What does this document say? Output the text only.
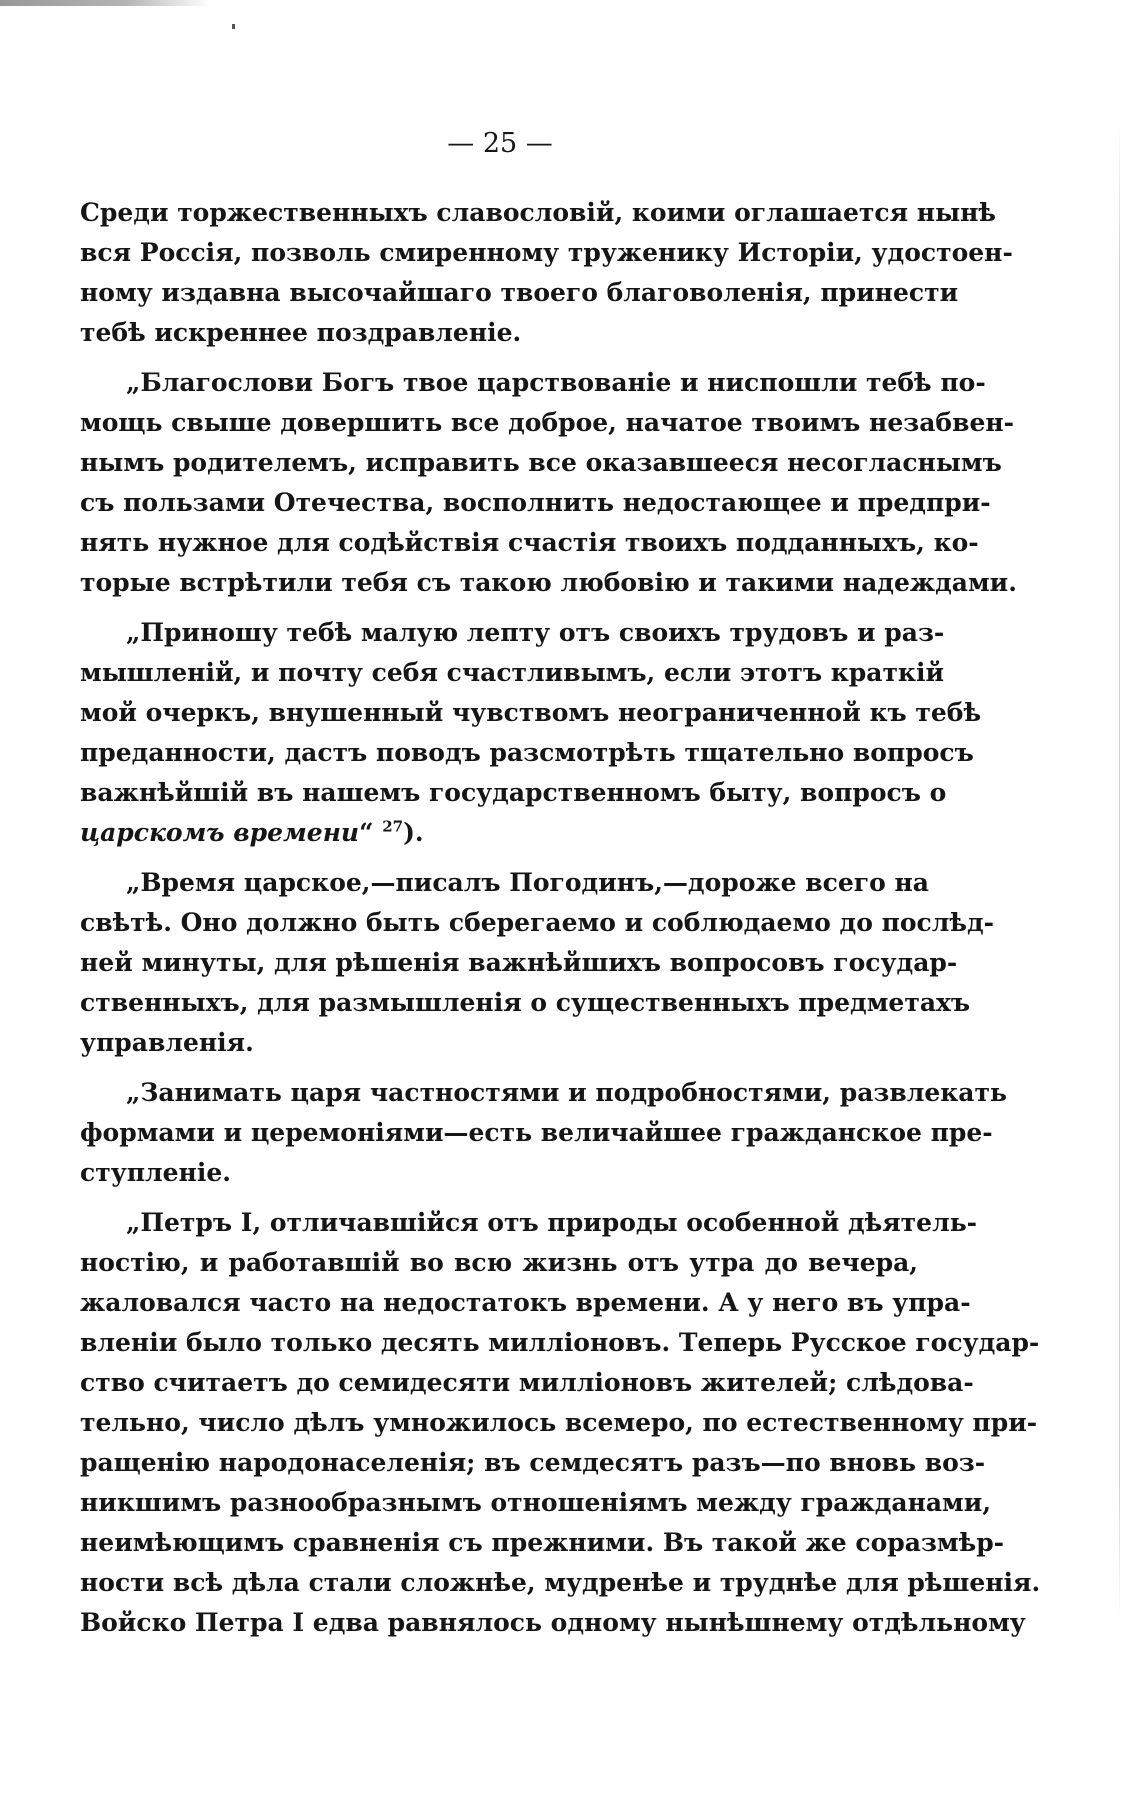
— 25 —
Среди торжественныхъ славословій, коими оглашается нынѣ
вся Россія, позволь смиренному труженику Исторіи, удостоен-
ному издавна высочайшаго твоего благоволенія, принести
тебѣ искреннее поздравленіе.
„Благослови Богъ твое царствованіе и ниспошли тебѣ по-
мощь свыше довершить все доброе, начатое твоимъ незабвен-
нымъ родителемъ, исправить все оказавшееся несогласнымъ
съ пользами Отечества, восполнить недостающее и предпри-
нять нужное для содѣйствія счастія твоихъ подданныхъ, ко-
торые встрѣтили тебя съ такою любовію и такими надеждами.
„Приношу тебѣ малую лепту отъ своихъ трудовъ и раз-
мышленій, и почту себя счастливымъ, если этотъ краткій
мой очеркъ, внушенный чувствомъ неограниченной къ тебѣ
преданности, дастъ поводъ разсмотрѣть тщательно вопросъ
важнѣйшій въ нашемъ государственномъ быту, вопросъ о
царскомъ времени“ $^{27}$).
„Время царское,—писалъ Погодинъ,—дороже всего на
свѣтѣ. Оно должно быть сберегаемо и соблюдаемо до послѣд-
ней минуты, для рѣшенія важнѣйшихъ вопросовъ государ-
ственныхъ, для размышленія о существенныхъ предметахъ
управленія.
„Занимать царя частностями и подробностями, развлекать
формами и церемоніями—есть величайшее гражданское пре-
ступленіе.
„Петръ I, отличавшійся отъ природы особенной дѣятель-
ностію, и работавшій во всю жизнь отъ утра до вечера,
жаловался часто на недостатокъ времени. А у него въ упра-
вленіи было только десять милліоновъ. Теперь Русское государ-
ство считаетъ до семидесяти милліоновъ жителей; слѣдова-
тельно, число дѣлъ умножилось всемеро, по естественному при-
ращенію народонаселенія; въ семдесятъ разъ—по вновь воз-
никшимъ разнообразнымъ отношеніямъ между гражданами,
неимѣющимъ сравненія съ прежними. Въ такой же соразмѣр-
ности всѣ дѣла стали сложнѣе, мудренѣе и труднѣе для рѣшенія.
Войско Петра I едва равнялось одному нынѣшнему отдѣльному
